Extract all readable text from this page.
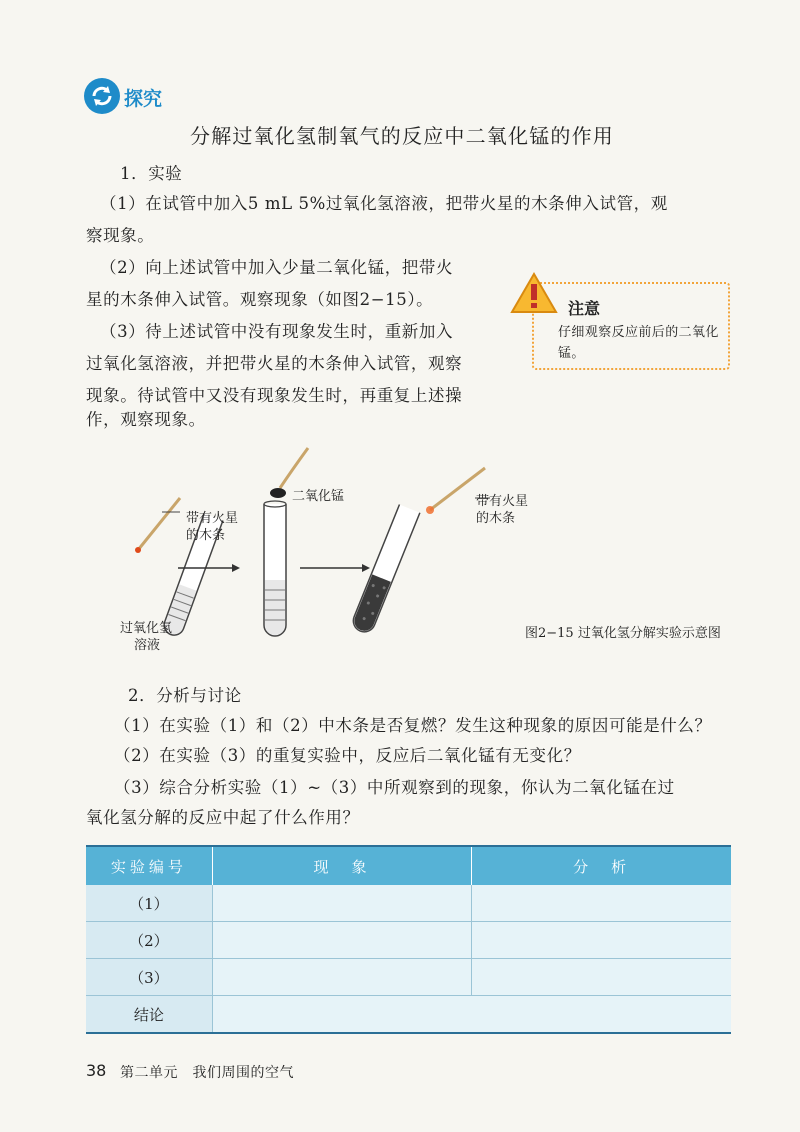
探究
分解过氧化氢制氧气的反应中二氧化锰的作用
1．实验
（1）在试管中加入5 mL 5%过氧化氢溶液，把带火星的木条伸入试管，观
察现象。
（2）向上述试管中加入少量二氧化锰，把带火
星的木条伸入试管。观察现象（如图2−15）。
（3）待上述试管中没有现象发生时，重新加入
过氧化氢溶液，并把带火星的木条伸入试管，观察
现象。待试管中又没有现象发生时，再重复上述操
作，观察现象。
注意
仔细观察反应前后的二氧化锰。
带有火星
的木条
二氧化锰	带有火星
的木条
过氧化氢
溶液
图2−15 过氧化氢分解实验示意图
2．分析与讨论
（1）在实验（1）和（2）中木条是否复燃？发生这种现象的原因可能是什么？
（2）在实验（3）的重复实验中，反应后二氧化锰有无变化？
（3）综合分析实验（1）~（3）中所观察到的现象，你认为二氧化锰在过
氧化氢分解的反应中起了什么作用？
实验编号	现　象	分　析
（1）		
（2）		
（3）		
结论		
38 第二单元　我们周围的空气
